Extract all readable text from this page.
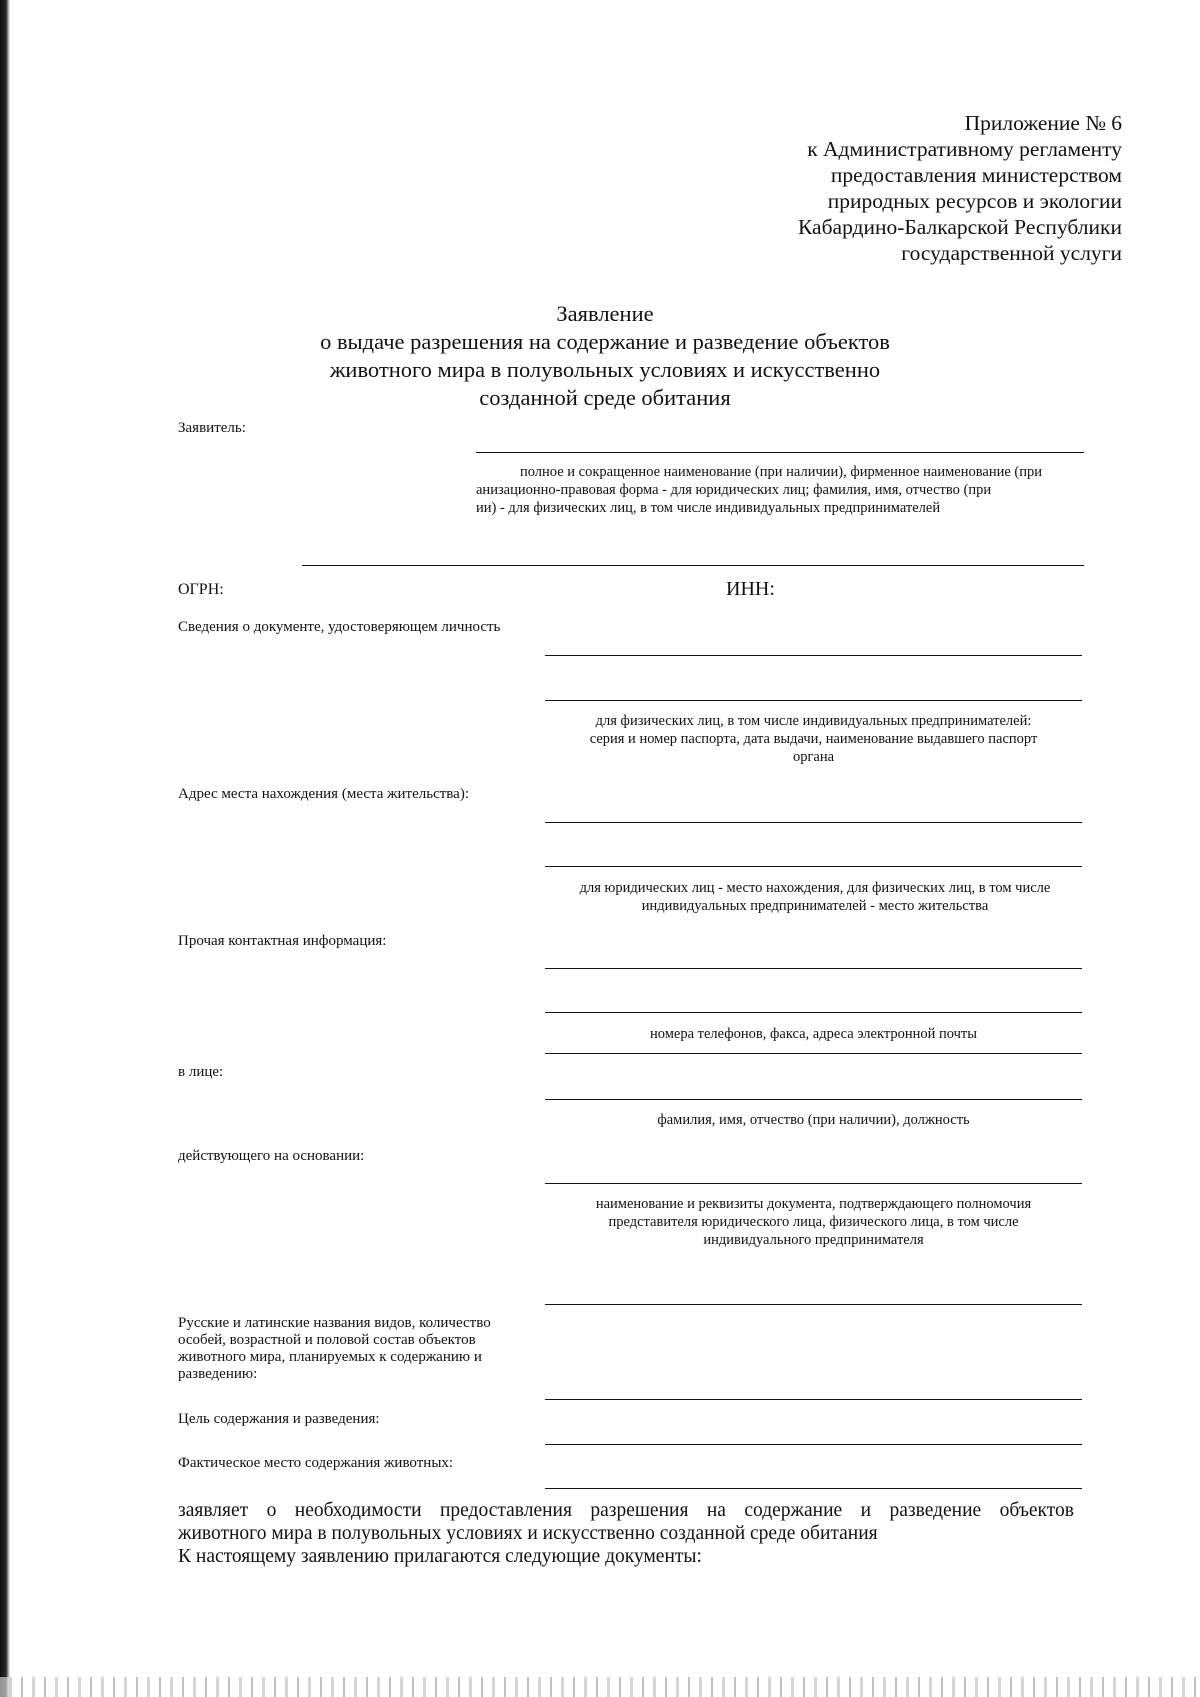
Приложение № 6
к Административному регламенту
предоставления министерством
природных ресурсов и экологии
Кабардино-Балкарской Республики
государственной услуги
Заявление
о выдаче разрешения на содержание и разведение объектов
животного мира в полувольных условиях и искусственно
созданной среде обитания
Заявитель:
полное и сокращенное наименование (при наличии), фирменное наименование (при
анизационно-правовая форма - для юридических лиц; фамилия, имя, отчество (при
ии) - для физических лиц, в том числе индивидуальных предпринимателей
ОГРН:	ИНН:
Сведения о документе, удостоверяющем личность
для физических лиц, в том числе индивидуальных предпринимателей:
серия и номер паспорта, дата выдачи, наименование выдавшего паспорт
органа
Адрес места нахождения (места жительства):
для юридических лиц - место нахождения, для физических лиц, в том числе
индивидуальных предпринимателей - место жительства
Прочая контактная информация:
номера телефонов, факса, адреса электронной почты
в лице:
фамилия, имя, отчество (при наличии), должность
действующего на основании:
наименование и реквизиты документа, подтверждающего полномочия
представителя юридического лица, физического лица, в том числе
индивидуального предпринимателя
Русские и латинские названия видов, количество
особей, возрастной и половой состав объектов
животного мира, планируемых к содержанию и
разведению:
Цель содержания и разведения:
Фактическое место содержания животных:
заявляет о необходимости предоставления разрешения на содержание и разведение объектов
животного мира в полувольных условиях и искусственно созданной среде обитания
К настоящему заявлению прилагаются следующие документы:
